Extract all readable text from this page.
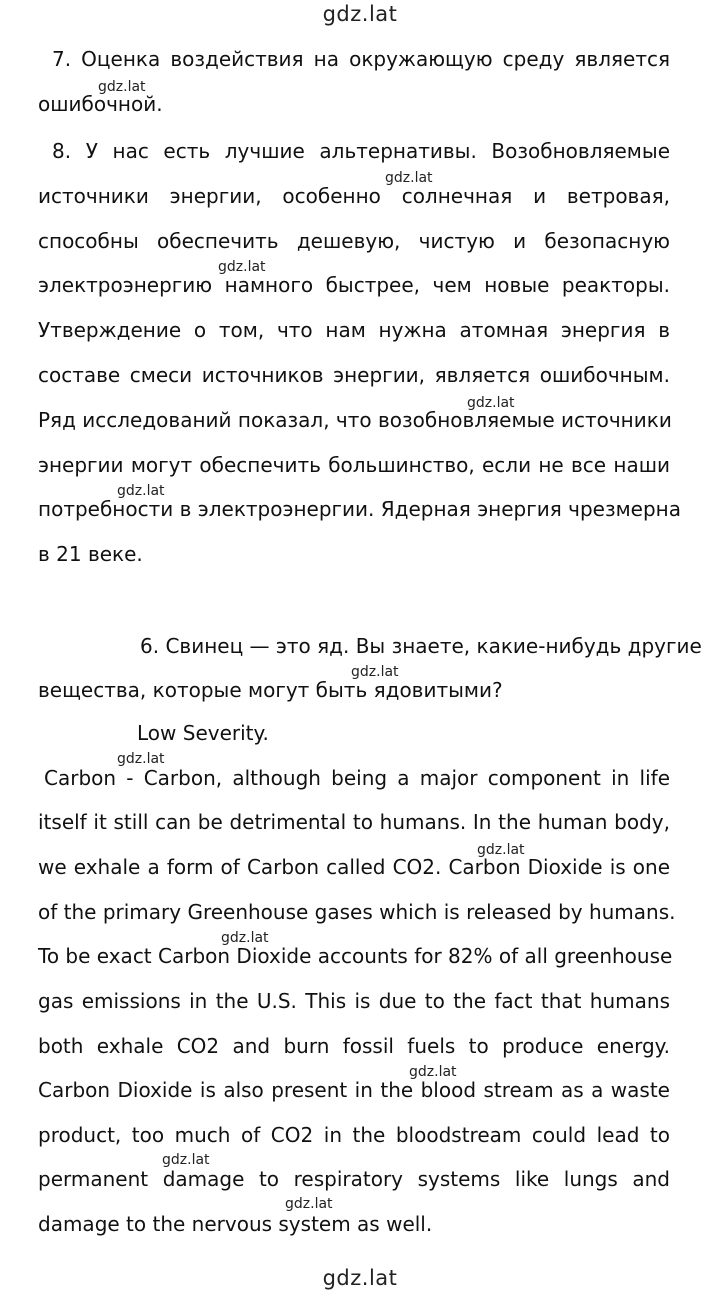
gdz.lat
gdz.lat
7. Оценка воздействия на окружающую среду является
ошибочной.
8. У нас есть лучшие альтернативы. Возобновляемые
источники энергии, особенно солнечная и ветровая,
способны обеспечить дешевую, чистую и безопасную
электроэнергию намного быстрее, чем новые реакторы.
Утверждение о том, что нам нужна атомная энергия в
составе смеси источников энергии, является ошибочным.
Ряд исследований показал, что возобновляемые источники
энергии могут обеспечить большинство, если не все наши
потребности в электроэнергии. Ядерная энергия чрезмерна
в 21 веке.
6. Свинец — это яд. Вы знаете, какие-нибудь другие
вещества, которые могут быть ядовитыми?
Low Severity.
Carbon - Carbon, although being a major component in life
itself it still can be detrimental to humans. In the human body,
we exhale a form of Carbon called CO2. Carbon Dioxide is one
of the primary Greenhouse gases which is released by humans.
To be exact Carbon Dioxide accounts for 82% of all greenhouse
gas emissions in the U.S. This is due to the fact that humans
both exhale CO2 and burn fossil fuels to produce energy.
Carbon Dioxide is also present in the blood stream as a waste
product, too much of CO2 in the bloodstream could lead to
permanent damage to respiratory systems like lungs and
damage to the nervous system as well.
gdz.lat
gdz.lat
gdz.lat
gdz.lat
gdz.lat
gdz.lat
gdz.lat
gdz.lat
gdz.lat
gdz.lat
gdz.lat
gdz.lat
